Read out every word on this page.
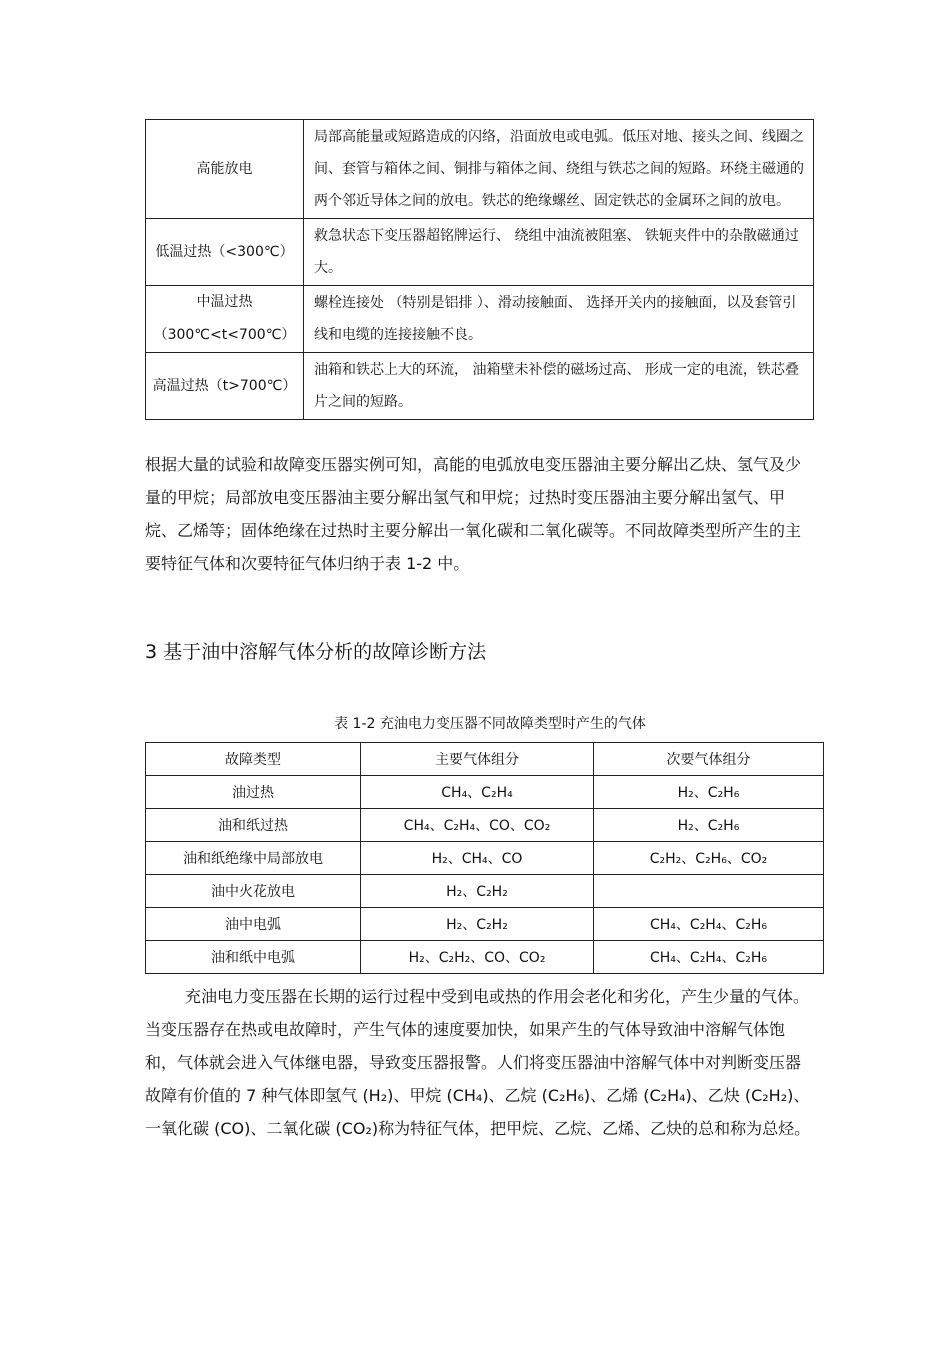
高能放电	局部高能量或短路造成的闪络，沿面放电或电弧。低压对地、接头之间、线圈之间、套管与箱体之间、铜排与箱体之间、绕组与铁芯之间的短路。环绕主磁通的两个邻近导体之间的放电。铁芯的绝缘螺丝、固定铁芯的金属环之间的放电。
低温过热（<300℃）	救急状态下变压器超铭牌运行、 绕组中油流被阻塞、 铁轭夹件中的杂散磁通过大。
中温过热（300℃<t<700℃）	螺栓连接处 （特别是铝排 ）、滑动接触面、 选择开关内的接触面，以及套管引线和电缆的连接接触不良。
高温过热（t>700℃）	油箱和铁芯上大的环流， 油箱壁未补偿的磁场过高、 形成一定的电流，铁芯叠片之间的短路。

根据大量的试验和故障变压器实例可知，高能的电弧放电变压器油主要分解出乙炔、氢气及少量的甲烷；局部放电变压器油主要分解出氢气和甲烷；过热时变压器油主要分解出氢气、甲烷、乙烯等；固体绝缘在过热时主要分解出一氧化碳和二氧化碳等。不同故障类型所产生的主要特征气体和次要特征气体归纳于表 1-2 中。

3 基于油中溶解气体分析的故障诊断方法
表 1-2 充油电力变压器不同故障类型时产生的气体
故障类型	主要气体组分	次要气体组分
油过热	CH₄、C₂H₄	H₂、C₂H₆
油和纸过热	CH₄、C₂H₄、CO、CO₂	H₂、C₂H₆
油和纸绝缘中局部放电	H₂、CH₄、CO	C₂H₂、C₂H₆、CO₂
油中火花放电	H₂、C₂H₂	
油中电弧	H₂、C₂H₂	CH₄、C₂H₄、C₂H₆
油和纸中电弧	H₂、C₂H₂、CO、CO₂	CH₄、C₂H₄、C₂H₆

充油电力变压器在长期的运行过程中受到电或热的作用会老化和劣化，产生少量的气体。当变压器存在热或电故障时，产生气体的速度要加快，如果产生的气体导致油中溶解气体饱和，气体就会进入气体继电器，导致变压器报警。人们将变压器油中溶解气体中对判断变压器故障有价值的 7 种气体即氢气 (H₂)、甲烷 (CH₄)、乙烷 (C₂H₆)、乙烯 (C₂H₄)、乙炔 (C₂H₂)、一氧化碳 (CO)、二氧化碳 (CO₂)称为特征气体，把甲烷、乙烷、乙烯、乙炔的总和称为总烃。
